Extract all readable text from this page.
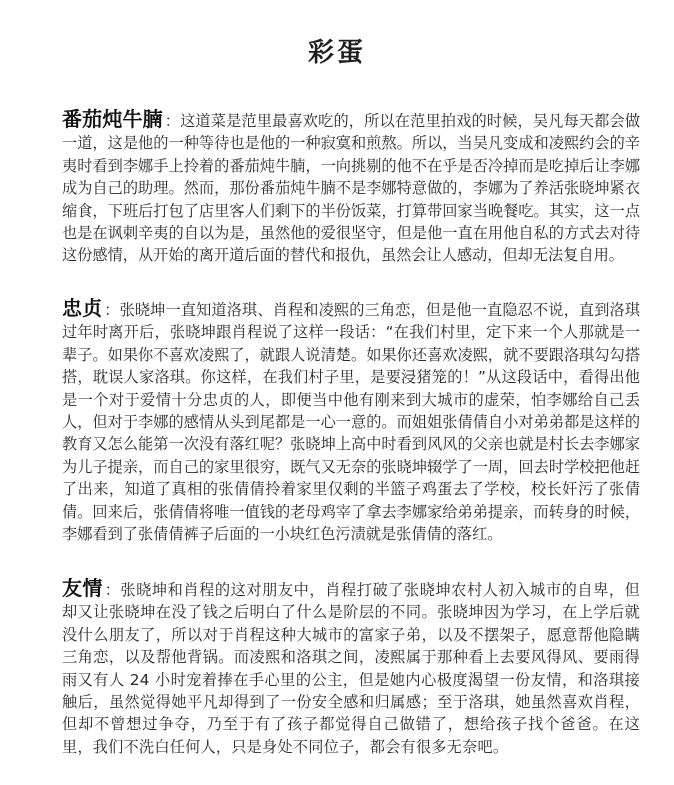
彩蛋
番茄炖牛腩 ：这道菜是范里最喜欢吃的，所以在范里拍戏的时候，吴凡每天都会做一道，这是他的一种等待也是他的一种寂寞和煎熬。所以，当吴凡变成和凌熙约会的辛夷时看到李娜手上拎着的番茄炖牛腩，一向挑剔的他不在乎是否冷掉而是吃掉后让李娜成为自己的助理。然而，那份番茄炖牛腩不是李娜特意做的，李娜为了养活张晓坤紧衣缩食，下班后打包了店里客人们剩下的半份饭菜，打算带回家当晚餐吃。其实，这一点也是在讽刺辛夷的自以为是，虽然他的爱很坚守，但是他一直在用他自私的方式去对待这份感情，从开始的离开道后面的替代和报仇，虽然会让人感动，但却无法复自用。
忠贞 ：张晓坤一直知道洛琪、肖程和凌熙的三角恋，但是他一直隐忍不说，直到洛琪过年时离开后，张晓坤跟肖程说了这样一段话：“在我们村里，定下来一个人那就是一辈子。如果你不喜欢凌熙了，就跟人说清楚。如果你还喜欢凌熙，就不要跟洛琪勾勾搭搭，耽误人家洛琪。你这样，在我们村子里，是要浸猪笼的！”从这段话中，看得出他是一个对于爱情十分忠贞的人，即便当中他有刚来到大城市的虚荣，怕李娜给自己丢人，但对于李娜的感情从头到尾都是一心一意的。而姐姐张倩倩自小对弟弟都是这样的教育又怎么能第一次没有落红呢？张晓坤上高中时看到风风的父亲也就是村长去李娜家为儿子提亲，而自己的家里很穷，既气又无奈的张晓坤辍学了一周，回去时学校把他赶了出来，知道了真相的张倩倩拎着家里仅剩的半篮子鸡蛋去了学校，校长奸污了张倩倩。回来后，张倩倩将唯一值钱的老母鸡宰了拿去李娜家给弟弟提亲，而转身的时候，李娜看到了张倩倩裤子后面的一小块红色污渍就是张倩倩的落红。
友情 ：张晓坤和肖程的这对朋友中，肖程打破了张晓坤农村人初入城市的自卑，但却又让张晓坤在没了钱之后明白了什么是阶层的不同。张晓坤因为学习，在上学后就没什么朋友了，所以对于肖程这种大城市的富家子弟，以及不摆架子，愿意帮他隐瞒三角恋，以及帮他背锅。而凌熙和洛琪之间，凌熙属于那种看上去要风得风、要雨得雨又有人 24 小时宠着捧在手心里的公主，但是她内心极度渴望一份友情，和洛琪接触后，虽然觉得她平凡却得到了一份安全感和归属感；至于洛琪，她虽然喜欢肖程，但却不曾想过争夺，乃至于有了孩子都觉得自己做错了，想给孩子找个爸爸。在这里，我们不洗白任何人，只是身处不同位子，都会有很多无奈吧。
